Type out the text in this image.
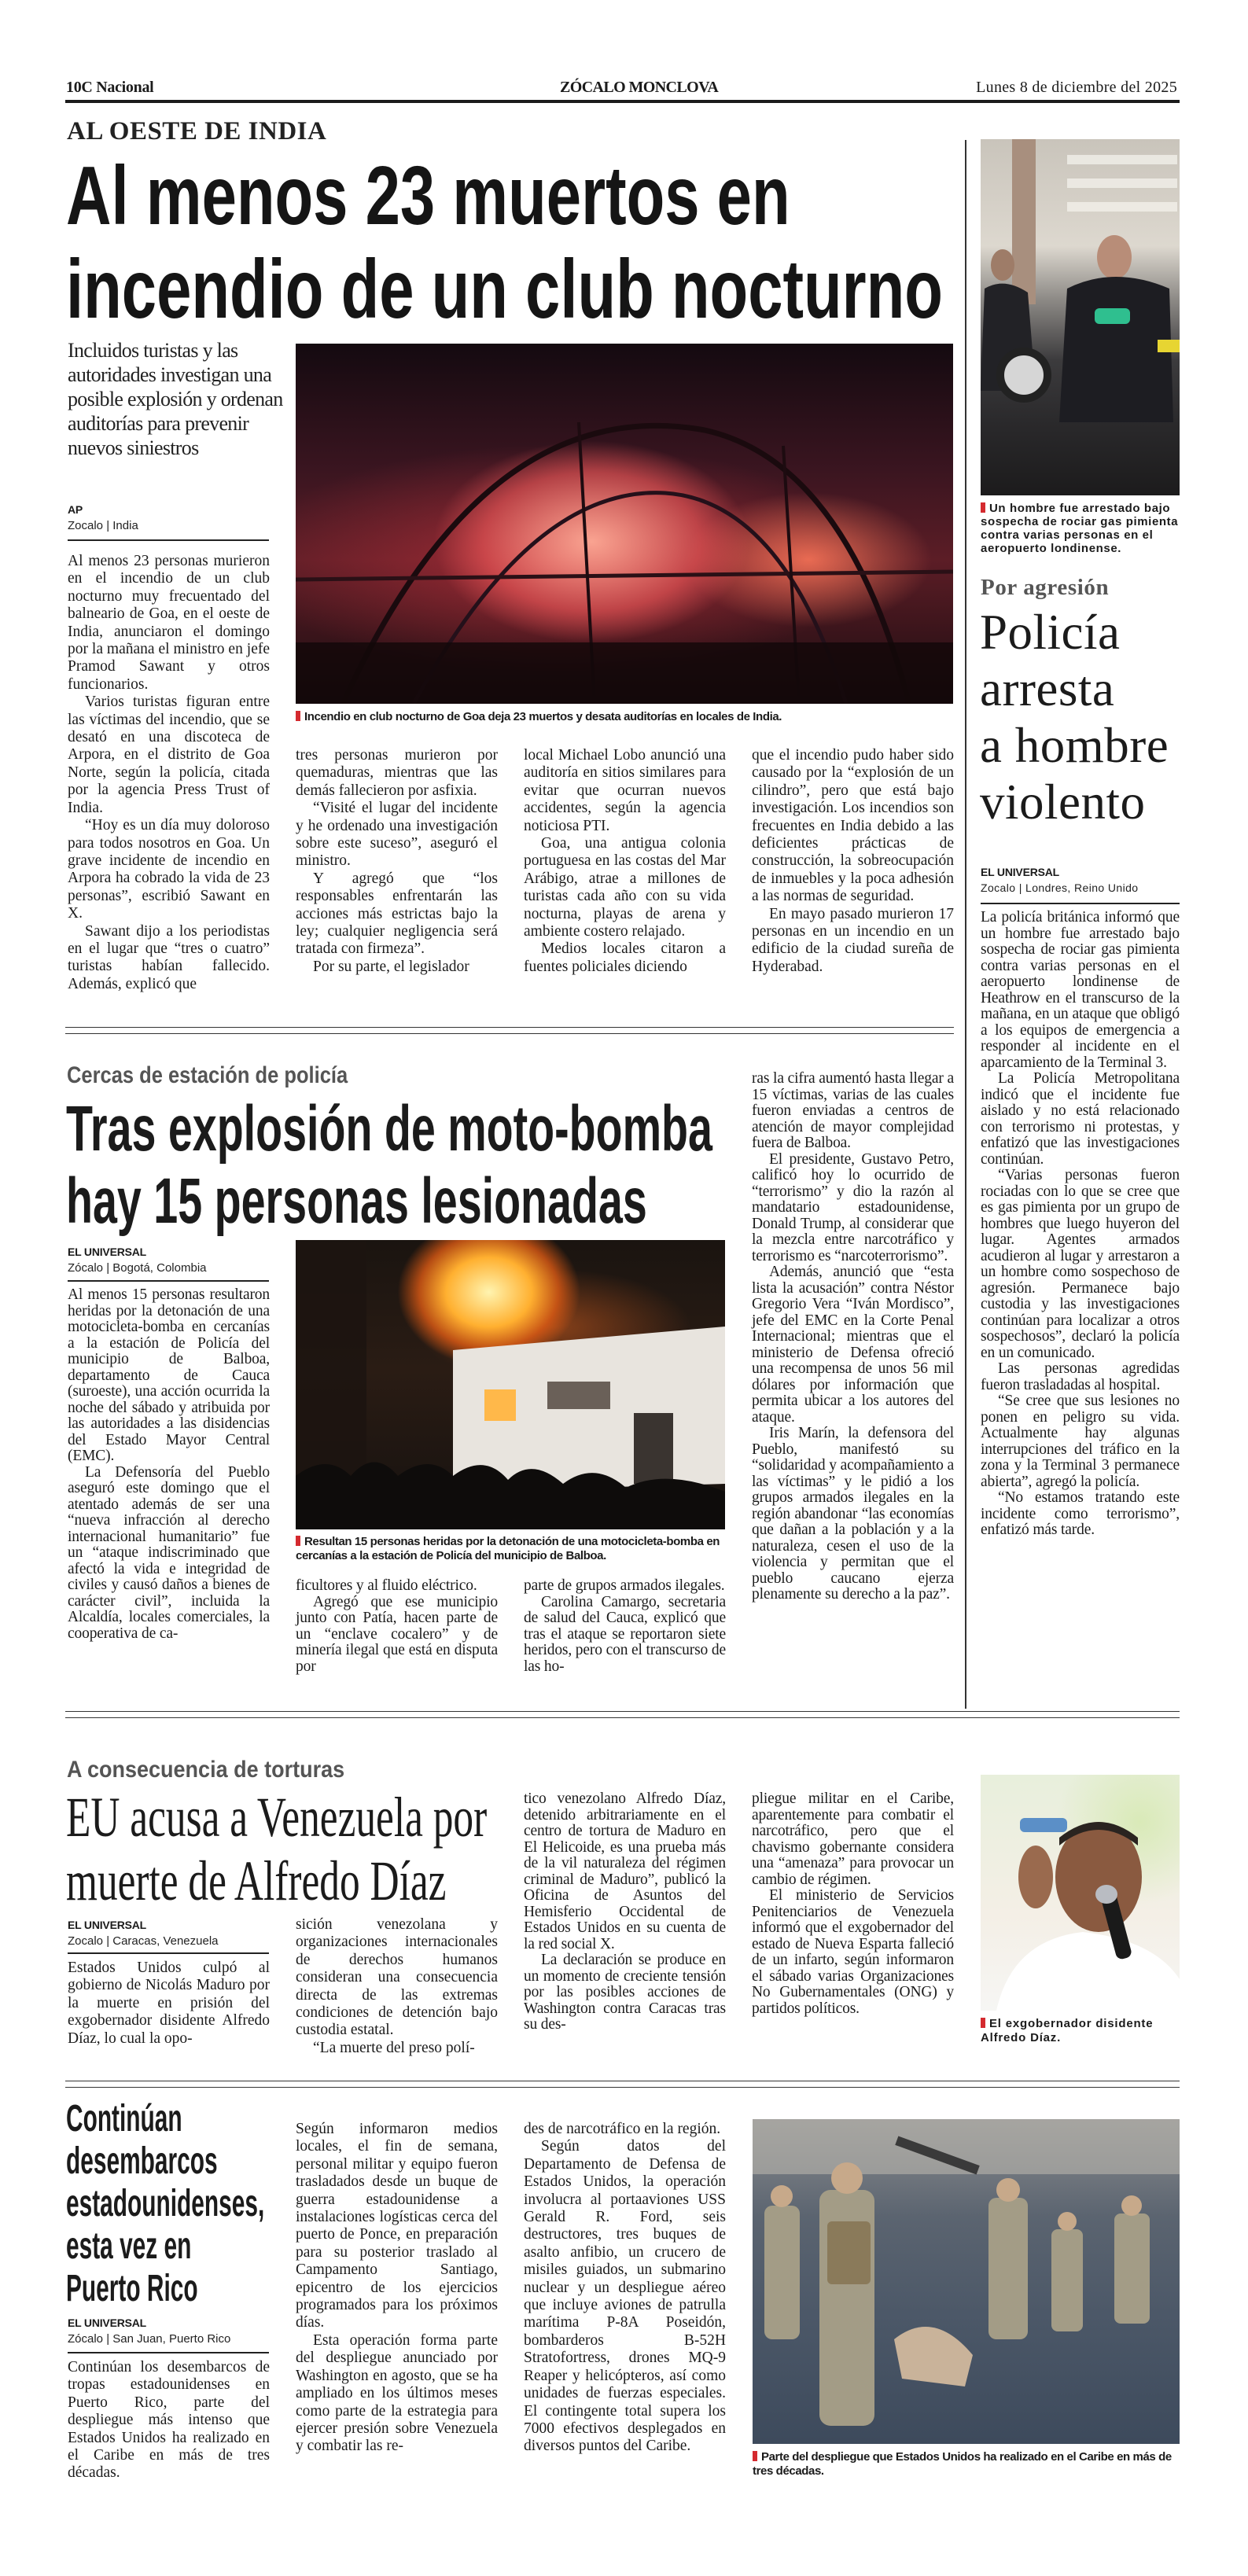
10C Nacional	ZÓCALO MONCLOVA	Lunes 8 de diciembre del 2025
AL OESTE DE INDIA
Al menos 23 muertos en
incendio de un club nocturno

Incluidos turistas y las autoridades investigan una posible explosión y ordenan auditorías para prevenir nuevos siniestros

Incendio en club nocturno de Goa deja 23 muertos y desata auditorías en locales de India.
AP
Zocalo | India

Al menos 23 personas murieron en el incendio de un club nocturno muy frecuentado del balneario de Goa, en el oeste de India, anunciaron el domingo por la mañana el ministro en jefe Pramod Sawant y otros funcionarios.

Varios turistas figuran entre las víctimas del incendio, que se desató en una discoteca de Arpora, en el distrito de Goa Norte, según la policía, citada por la agencia Press Trust of India.

“Hoy es un día muy doloroso para todos nosotros en Goa. Un grave incidente de incendio en Arpora ha cobrado la vida de 23 personas”, escribió Sawant en X.

Sawant dijo a los periodistas en el lugar que “tres o cuatro” turistas habían fallecido. Además, explicó que

tres personas murieron por quemaduras, mientras que las demás fallecieron por asfixia.

“Visité el lugar del incidente y he ordenado una investigación sobre este suceso”, aseguró el ministro.

Y agregó que “los responsables enfrentarán las acciones más estrictas bajo la ley; cualquier negligencia será tratada con firmeza”.

Por su parte, el legislador

local Michael Lobo anunció una auditoría en sitios similares para evitar que ocurran nuevos accidentes, según la agencia noticiosa PTI.

Goa, una antigua colonia portuguesa en las costas del Mar Arábigo, atrae a millones de turistas cada año con su vida nocturna, playas de arena y ambiente costero relajado.

Medios locales citaron a fuentes policiales diciendo

que el incendio pudo haber sido causado por la “explosión de un cilindro”, pero que está bajo investigación. Los incendios son frecuentes en India debido a las deficientes prácticas de construcción, la sobreocupación de inmuebles y la poca adhesión a las normas de seguridad.

En mayo pasado murieron 17 personas en un incendio en un edificio de la ciudad sureña de Hyderabad.

Un hombre fue arrestado bajo sospecha de rociar gas pimienta contra varias personas en el aeropuerto londinense.
Por agresión
Policía
arresta
a hombre
violento
EL UNIVERSAL
Zocalo | Londres, Reino Unido

La policía británica informó que un hombre fue arrestado bajo sospecha de rociar gas pimienta contra varias personas en el aeropuerto londinense de Heathrow en el transcurso de la mañana, en un ataque que obligó a los equipos de emergencia a responder al incidente en el aparcamiento de la Terminal 3.

La Policía Metropolitana indicó que el incidente fue aislado y no está relacionado con terrorismo ni protestas, y enfatizó que las investigaciones continúan.

“Varias personas fueron rociadas con lo que se cree que es gas pimienta por un grupo de hombres que luego huyeron del lugar. Agentes armados acudieron al lugar y arrestaron a un hombre como sospechoso de agresión. Permanece bajo custodia y las investigaciones continúan para localizar a otros sospechosos”, declaró la policía en un comunicado.

Las personas agredidas fueron trasladadas al hospital.

“Se cree que sus lesiones no ponen en peligro su vida. Actualmente hay algunas interrupciones del tráfico en la zona y la Terminal 3 permanece abierta”, agregó la policía.

“No estamos tratando este incidente como terrorismo”, enfatizó más tarde.

Cercas de estación de policía
Tras explosión de moto-bomba
hay 15 personas lesionadas
EL UNIVERSAL
Zócalo | Bogotá, Colombia
Resultan 15 personas heridas por la detonación de una motocicleta-bomba en cercanías a la estación de Policía del municipio de Balboa.

Al menos 15 personas resultaron heridas por la detonación de una motocicleta-bomba en cercanías a la estación de Policía del municipio de Balboa, departamento de Cauca (suroeste), una acción ocurrida la noche del sábado y atribuida por las autoridades a las disidencias del Estado Mayor Central (EMC).

La Defensoría del Pueblo aseguró este domingo que el atentado además de ser una “nueva infracción al derecho internacional humanitario” fue un “ataque indiscriminado que afectó la vida e integridad de civiles y causó daños a bienes de carácter civil”, incluida la Alcaldía, locales comerciales, la cooperativa de ca-

ficultores y al fluido eléctrico.

Agregó que ese municipio junto con Patía, hacen parte de un “enclave cocalero” y de minería ilegal que está en disputa por

parte de grupos armados ilegales.

Carolina Camargo, secretaria de salud del Cauca, explicó que tras el ataque se reportaron siete heridos, pero con el transcurso de las ho-

ras la cifra aumentó hasta llegar a 15 víctimas, varias de las cuales fueron enviadas a centros de atención de mayor complejidad fuera de Balboa.

El presidente, Gustavo Petro, calificó hoy lo ocurrido de “terrorismo” y dio la razón al mandatario estadounidense, Donald Trump, al considerar que la mezcla entre narcotráfico y terrorismo es “narcoterrorismo”.

Además, anunció que “esta lista la acusación” contra Néstor Gregorio Vera “Iván Mordisco”, jefe del EMC en la Corte Penal Internacional; mientras que el ministerio de Defensa ofreció una recompensa de unos 56 mil dólares por información que permita ubicar a los autores del ataque.

Iris Marín, la defensora del Pueblo, manifestó su “solidaridad y acompañamiento a las víctimas” y le pidió a los grupos armados ilegales en la región abandonar “las economías que dañan a la población y a la naturaleza, cesen el uso de la violencia y permitan que el pueblo caucano ejerza plenamente su derecho a la paz”.

A consecuencia de torturas
EU acusa a Venezuela por
muerte de Alfredo Díaz
EL UNIVERSAL
Zocalo | Caracas, Venezuela

Estados Unidos culpó al gobierno de Nicolás Maduro por la muerte en prisión del exgobernador disidente Alfredo Díaz, lo cual la opo-

sición venezolana y organizaciones internacionales de derechos humanos consideran una consecuencia directa de las extremas condiciones de detención bajo custodia estatal.

“La muerte del preso polí-

tico venezolano Alfredo Díaz, detenido arbitrariamente en el centro de tortura de Maduro en El Helicoide, es una prueba más de la vil naturaleza del régimen criminal de Maduro”, publicó la Oficina de Asuntos del Hemisferio Occidental de Estados Unidos en su cuenta de la red social X.

La declaración se produce en un momento de creciente tensión por las posibles acciones de Washington contra Caracas tras su des-

pliegue militar en el Caribe, aparentemente para combatir el narcotráfico, pero que el chavismo gobernante considera una “amenaza” para provocar un cambio de régimen.

El ministerio de Servicios Penitenciarios de Venezuela informó que el exgobernador del estado de Nueva Esparta falleció de un infarto, según informaron el sábado varias Organizaciones No Gubernamentales (ONG) y partidos políticos.

El exgobernador disidente Alfredo Díaz.
Continúan
desembarcos
estadounidenses,
esta vez en
Puerto Rico
EL UNIVERSAL
Zócalo | San Juan, Puerto Rico

Continúan los desembarcos de tropas estadounidenses en Puerto Rico, parte del despliegue más intenso que Estados Unidos ha realizado en el Caribe en más de tres décadas.

Según informaron medios locales, el fin de semana, personal militar y equipo fueron trasladados desde un buque de guerra estadounidense a instalaciones logísticas cerca del puerto de Ponce, en preparación para su posterior traslado al Campamento Santiago, epicentro de los ejercicios programados para los próximos días.

Esta operación forma parte del despliegue anunciado por Washington en agosto, que se ha ampliado en los últimos meses como parte de la estrategia para ejercer presión sobre Venezuela y combatir las re-

des de narcotráfico en la región.

Según datos del Departamento de Defensa de Estados Unidos, la operación involucra al portaaviones USS Gerald R. Ford, seis destructores, tres buques de asalto anfibio, un crucero de misiles guiados, un submarino nuclear y un despliegue aéreo que incluye aviones de patrulla marítima P-8A Poseidón, bombarderos B-52H Stratofortress, drones MQ-9 Reaper y helicópteros, así como unidades de fuerzas especiales. El contingente total supera los 7000 efectivos desplegados en diversos puntos del Caribe.

Parte del despliegue que Estados Unidos ha realizado en el Caribe en más de tres décadas.
